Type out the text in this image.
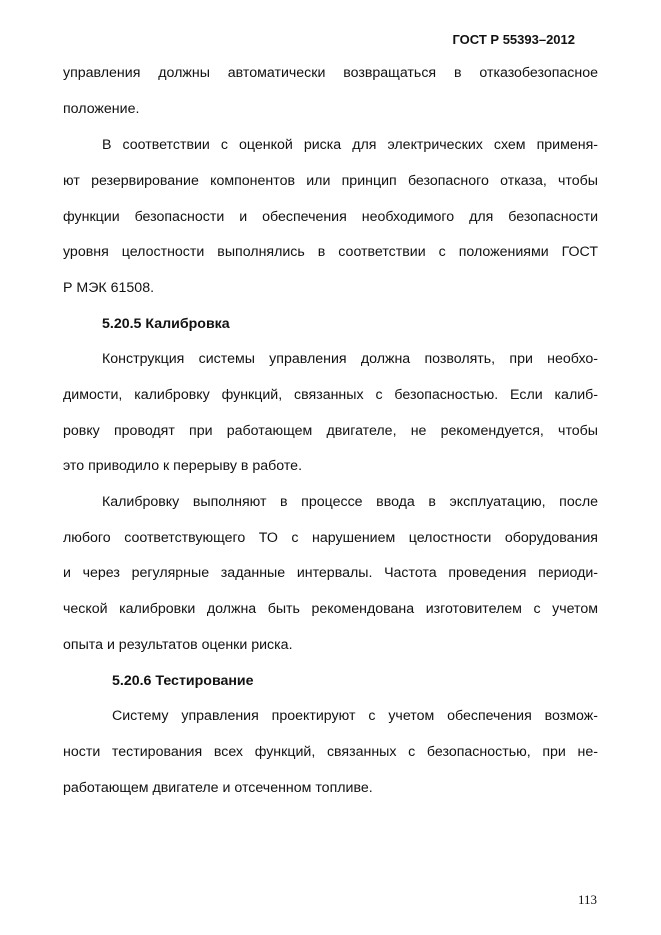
ГОСТ Р 55393–2012
управления должны автоматически возвращаться в отказобезопасное
положение.
В соответствии с оценкой риска для электрических схем применя-
ют резервирование компонентов или принцип безопасного отказа, чтобы
функции безопасности и обеспечения необходимого для безопасности
уровня целостности выполнялись в соответствии с положениями ГОСТ
Р МЭК 61508.
5.20.5 Калибровка
Конструкция системы управления должна позволять, при необхо-
димости, калибровку функций, связанных с безопасностью. Если калиб-
ровку проводят при работающем двигателе, не рекомендуется, чтобы
это приводило к перерыву в работе.
Калибровку выполняют в процессе ввода в эксплуатацию, после
любого соответствующего ТО с нарушением целостности оборудования
и через регулярные заданные интервалы. Частота проведения периоди-
ческой калибровки должна быть рекомендована изготовителем с учетом
опыта и результатов оценки риска.
5.20.6 Тестирование
Систему управления проектируют с учетом обеспечения возмож-
ности тестирования всех функций, связанных с безопасностью, при не-
работающем двигателе и отсеченном топливе.
113
